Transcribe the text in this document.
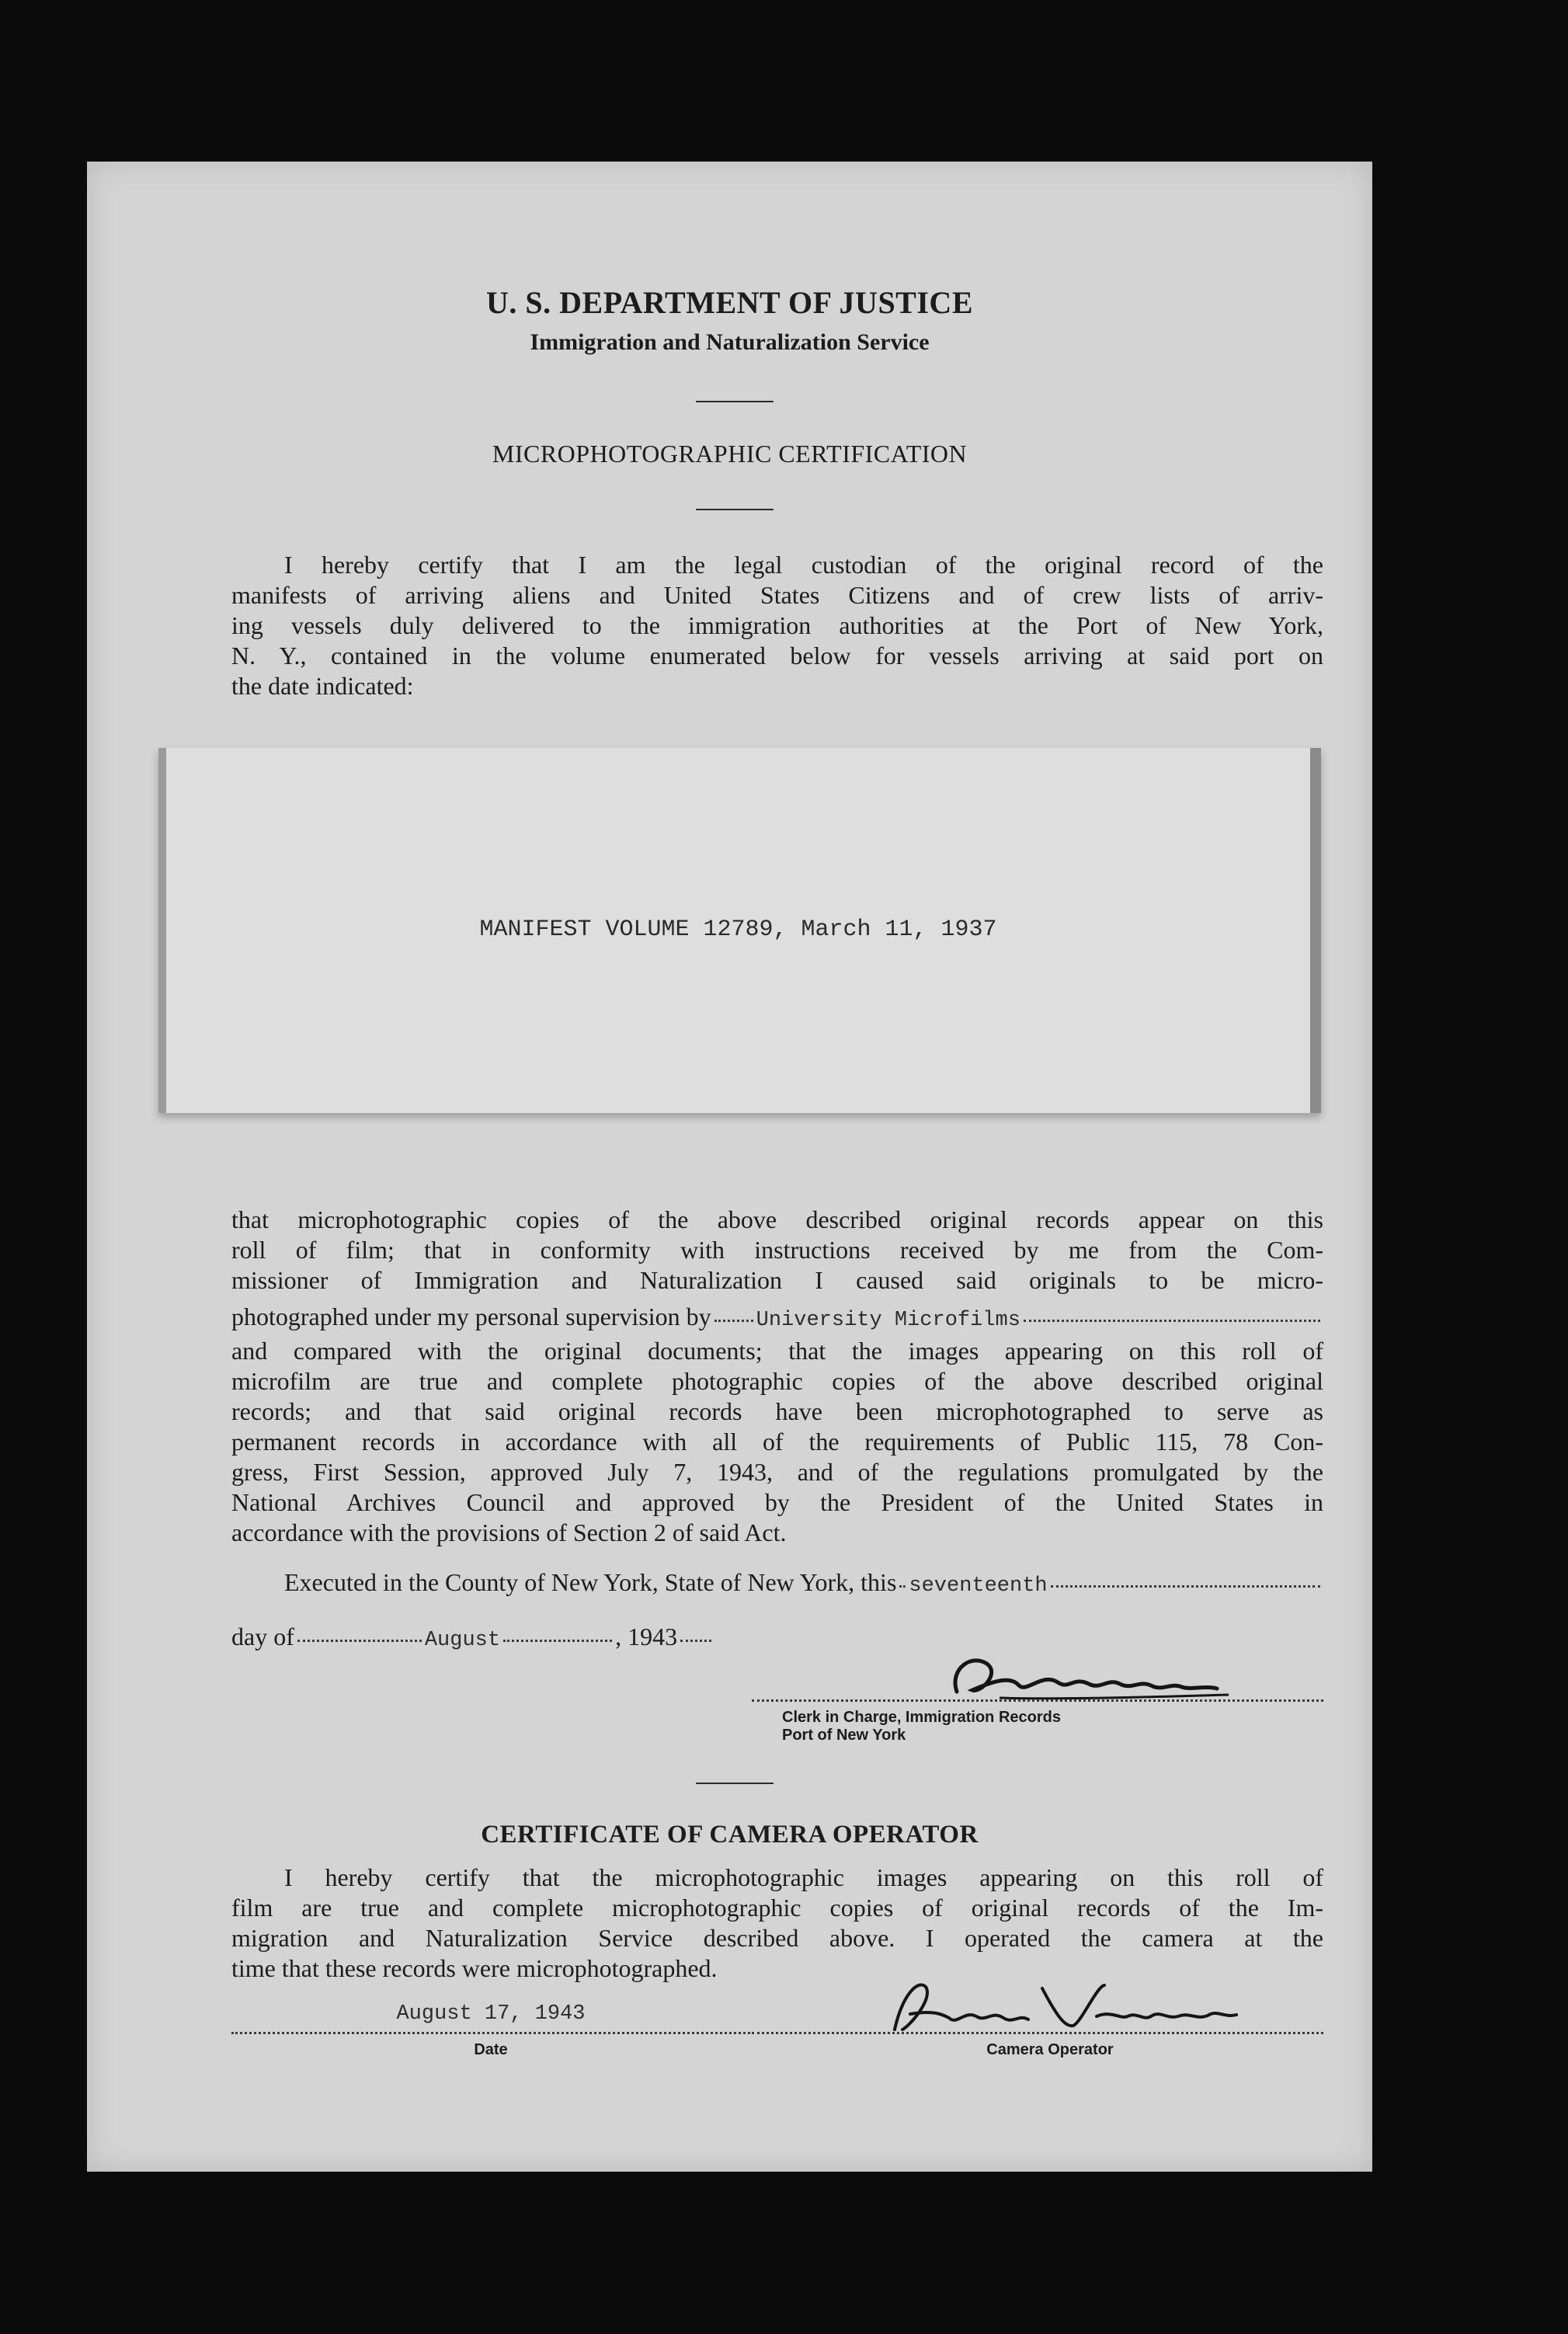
U. S. DEPARTMENT OF JUSTICE
Immigration and Naturalization Service
MICROPHOTOGRAPHIC CERTIFICATION
I hereby certify that I am the legal custodian of the original record of the
manifests of arriving aliens and United States Citizens and of crew lists of arriv-
ing vessels duly delivered to the immigration authorities at the Port of New York,
N. Y., contained in the volume enumerated below for vessels arriving at said port on
the date indicated:
MANIFEST VOLUME 12789, March 11, 1937
that microphotographic copies of the above described original records appear on this
roll of film; that in conformity with instructions received by me from the Com-
missioner of Immigration and Naturalization I caused said originals to be micro-
photographed under my personal supervision by University Microfilms
and compared with the original documents; that the images appearing on this roll of
microfilm are true and complete photographic copies of the above described original
records; and that said original records have been microphotographed to serve as
permanent records in accordance with all of the requirements of Public 115, 78 Con-
gress, First Session, approved July 7, 1943, and of the regulations promulgated by the
National Archives Council and approved by the President of the United States in
accordance with the provisions of Section 2 of said Act.
Executed in the County of New York, State of New York, this seventeenth
day of	August	, 1943
Clerk in Charge, Immigration Records
Port of New York
CERTIFICATE OF CAMERA OPERATOR
I hereby certify that the microphotographic images appearing on this roll of
film are true and complete microphotographic copies of original records of the Im-
migration and Naturalization Service described above. I operated the camera at the
time that these records were microphotographed.
August 17, 1943
Date	Camera Operator
